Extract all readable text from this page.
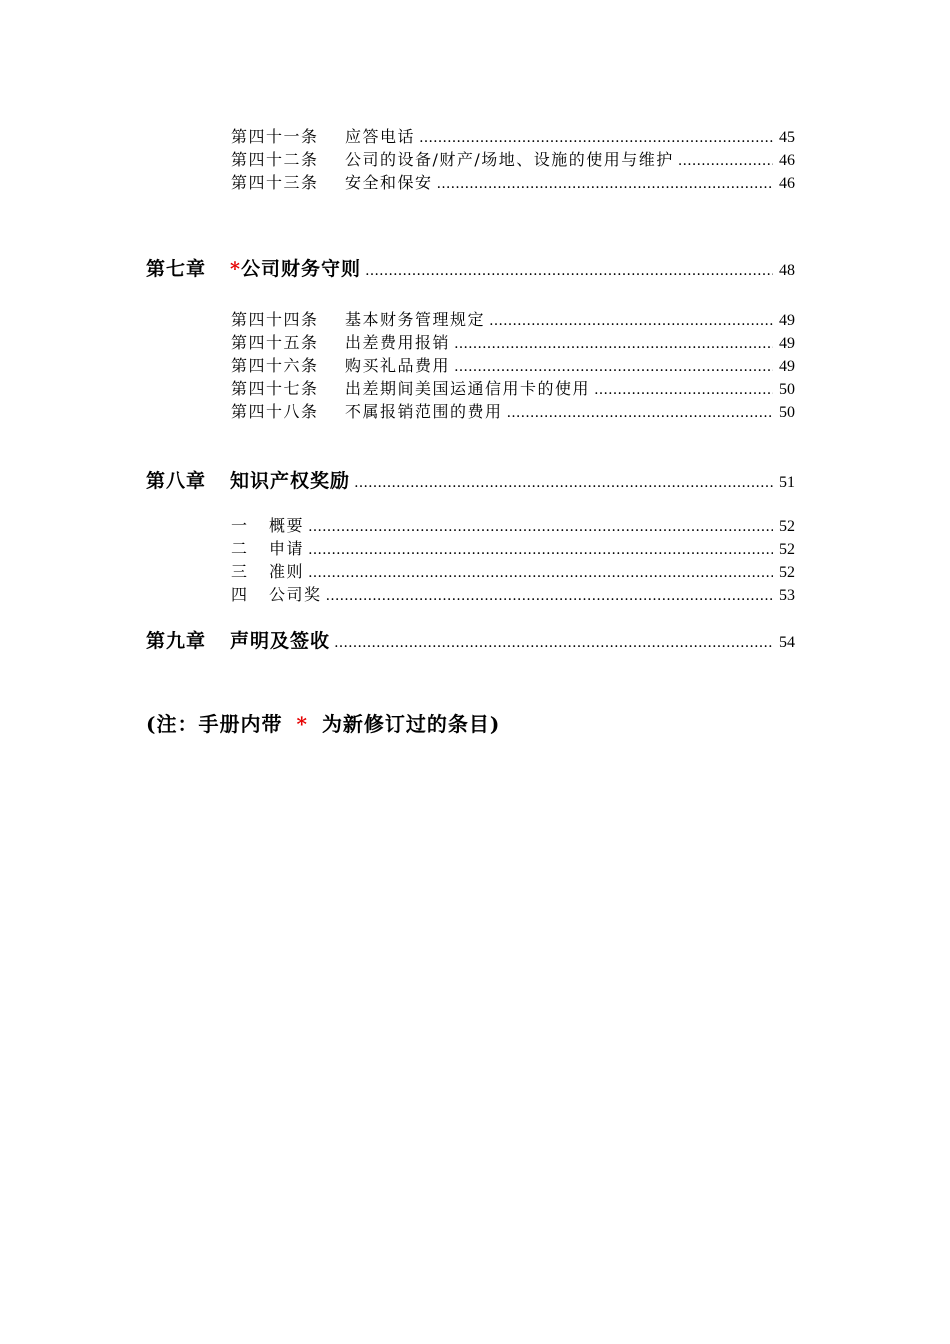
第四十一条	应答电话 ……………………………………………………………………………………………………………………………………	45
第四十二条	公司的设备/财产/场地、设施的使用与维护 ……………………………………………………………………………………………………………………………………	46
第四十三条	安全和保安 ……………………………………………………………………………………………………………………………………	46
第七章	* 公司财务守则 ……………………………………………………………………………………………………………………………………	48
第四十四条	基本财务管理规定 ……………………………………………………………………………………………………………………………………	49
第四十五条	出差费用报销 ……………………………………………………………………………………………………………………………………	49
第四十六条	购买礼品费用 ……………………………………………………………………………………………………………………………………	49
第四十七条	出差期间美国运通信用卡的使用 ……………………………………………………………………………………………………………………………………	50
第四十八条	不属报销范围的费用 ……………………………………………………………………………………………………………………………………	50
第八章	知识产权奖励 ……………………………………………………………………………………………………………………………………	51
一	概要 ……………………………………………………………………………………………………………………………………	52
二	申请 ……………………………………………………………………………………………………………………………………	52
三	准则 ……………………………………………………………………………………………………………………………………	52
四	公司奖 ……………………………………………………………………………………………………………………………………	53
第九章	声明及签收 ……………………………………………………………………………………………………………………………………	54
(注：手册内带 * 为新修订过的条目)
